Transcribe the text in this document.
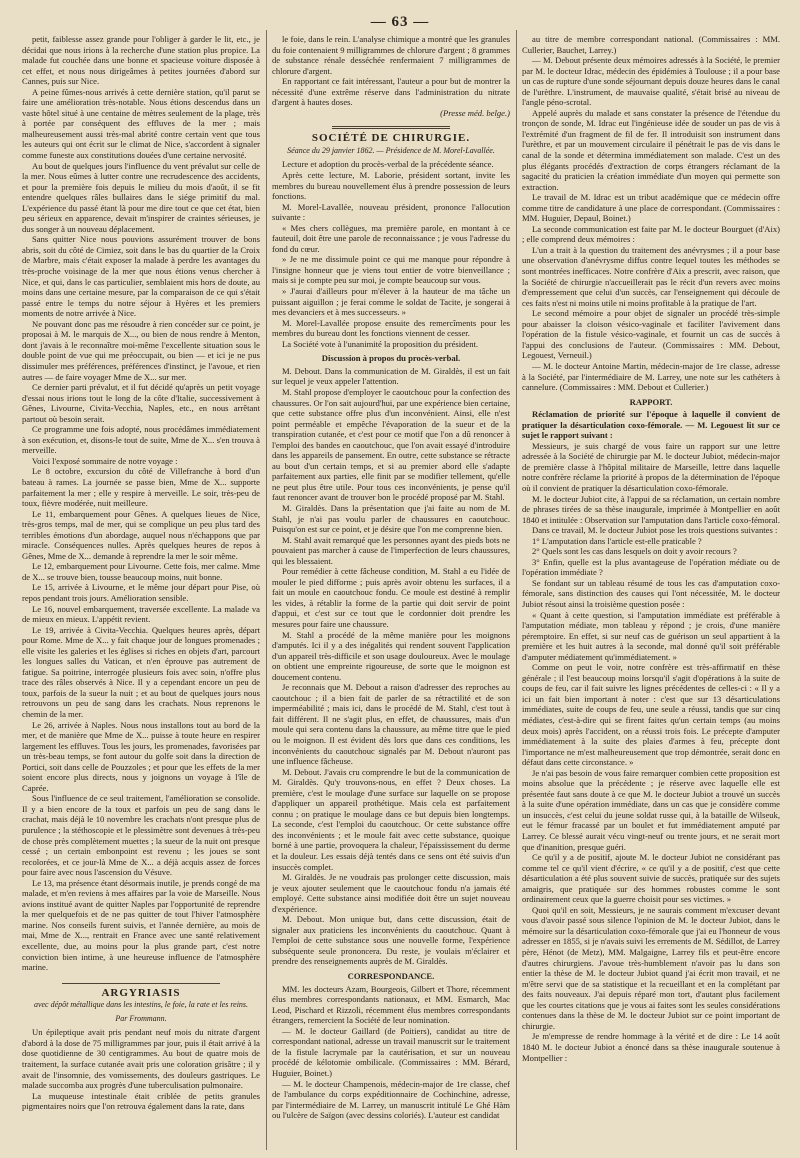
— 63 —

petit, faiblesse assez grande pour l'obliger à garder le lit, etc., je décidai que nous irions à la recherche d'une station plus propice. La malade fut couchée dans une bonne et spacieuse voiture disposée à cet effet, et nous nous dirigeâmes à petites journées d'abord sur Cannes, puis sur Nice.

A peine fûmes-nous arrivés à cette dernière station, qu'il parut se faire une amélioration très-notable. Nous étions descendus dans un vaste hôtel situé à une centaine de mètres seulement de la plage, très à portée par conséquent des effluves de la mer ; mais malheureusement aussi très-mal abrité contre certain vent que tous les auteurs qui ont écrit sur le climat de Nice, s'accordent à signaler comme funeste aux constitutions douées d'une certaine nervosité.

Au bout de quelques jours l'influence du vent prévalut sur celle de la mer. Nous eûmes à lutter contre une recrudescence des accidents, et pour la première fois depuis le milieu du mois d'août, il se fit entendre quelques râles bullaires dans le siége primitif du mal. L'expérience du passé étant là pour me dire tout ce que cet état, bien peu sérieux en apparence, devait m'inspirer de craintes sérieuses, je dus songer à un nouveau déplacement.

Sans quitter Nice nous pouvions assurément trouver de bons abris, soit du côté de Cimiez, soit dans le bas du quartier de la Croix de Marbre, mais c'était exposer la malade à perdre les avantages du très-proche voisinage de la mer que nous étions venus chercher à Nice, et qui, dans le cas particulier, semblaient mis hors de doute, au moins dans une certaine mesure, par la comparaison de ce qui s'était passé entre le temps du notre séjour à Hyères et les premiers moments de notre arrivée à Nice.

Ne pouvant donc pas me résoudre à rien concéder sur ce point, je proposai à M. le marquis de X..., ou bien de nous rendre à Menton, dont j'avais à le reconnaître moi-même l'excellente situation sous le double point de vue qui me préoccupait, ou bien — et ici je ne pus dissimuler mes préférences, préférences d'instinct, je l'avoue, et rien autres — de faire voyager Mme de X... sur mer.

Ce dernier parti prévalut, et il fut décidé qu'après un petit voyage d'essai nous irions tout le long de la côte d'Italie, successivement à Gênes, Livourne, Civita-Vecchia, Naples, etc., en nous arrêtant partout où besoin serait.

Ce programme une fois adopté, nous procédâmes immédiatement à son exécution, et, disons-le tout de suite, Mme de X... s'en trouva à merveille.

Voici l'exposé sommaire de notre voyage :

Le 8 octobre, excursion du côté de Villefranche à bord d'un bateau à rames. La journée se passe bien, Mme de X... supporte parfaitement la mer ; elle y respire à merveille. Le soir, très-peu de toux, fièvre modérée, nuit meilleure.

Le 11, embarquement pour Gênes. A quelques lieues de Nice, très-gros temps, mal de mer, qui se complique un peu plus tard des terribles émotions d'un abordage, auquel nous n'échappons que par miracle. Conséquences nulles. Après quelques heures de repos à Gênes, Mme de X... demande à reprendre la mer le soir même.

Le 12, embarquement pour Livourne. Cette fois, mer calme. Mme de X... se trouve bien, tousse beaucoup moins, nuit bonne.

Le 15, arrivée à Livourne, et le même jour départ pour Pise, où repos pendant trois jours. Amélioration sensible.

Le 16, nouvel embarquement, traversée excellente. La malade va de mieux en mieux. L'appétit revient.

Le 19, arrivée à Civita-Vecchia. Quelques heures après, départ pour Rome. Mme de X... y fait chaque jour de longues promenades ; elle visite les galeries et les églises si riches en objets d'art, parcourt les longues salles du Vatican, et n'en éprouve pas autrement de fatigue. Sa poitrine, interrogée plusieurs fois avec soin, n'offre plus trace des râles observés à Nice. Il y a cependant encore un peu de toux, parfois de la sueur la nuit ; et au bout de quelques jours nous retrouvons un peu de sang dans les crachats. Nous reprenons le chemin de la mer.

Le 26, arrivée à Naples. Nous nous installons tout au bord de la mer, et de manière que Mme de X... puisse à toute heure en respirer largement les effluves. Tous les jours, les promenades, favorisées par un très-beau temps, se font autour du golfe soit dans la direction de Portici, soit dans celle de Pouzzoles ; et pour que les effets de la mer soient encore plus directs, nous y joignons un voyage à l'île de Caprée.

Sous l'influence de ce seul traitement, l'amélioration se consolide. Il y a bien encore de la toux et parfois un peu de sang dans le crachat, mais déjà le 10 novembre les crachats n'ont presque plus de purulence ; la stéthoscopie et le plessimètre sont devenues à très-peu de chose près complètement muettes ; la sueur de la nuit ont presque cessé ; un certain embonpoint est revenu ; les joues se sont recolorées, et ce jour-là Mme de X... a déjà acquis assez de forces pour faire avec nous l'ascension du Vésuve.

Le 13, ma présence étant désormais inutile, je prends congé de ma malade, et m'en reviens à mes affaires par la voie de Marseille. Nous avions institué avant de quitter Naples par l'opportunité de reprendre la mer quelquefois et de ne pas quitter de tout l'hiver l'atmosphère marine. Nos conseils furent suivis, et l'année dernière, au mois de mai, Mme de X..., rentrait en France avec une santé relativement excellente, due, au moins pour la plus grande part, c'est notre conviction bien intime, à une heureuse influence de l'atmosphère marine.

ARGYRIASIS

avec dépôt métallique dans les intestins, le foie, la rate et les reins.

Par Frommann.

Un épileptique avait pris pendant neuf mois du nitrate d'argent d'abord à la dose de 75 milligrammes par jour, puis il était arrivé à la dose quotidienne de 30 centigrammes. Au bout de quatre mois de traitement, la surface cutanée avait pris une coloration grisâtre ; il y avait de l'insomnie, des vomissements, des douleurs gastriques. Le malade succomba aux progrès d'une tuberculisation pulmonaire.

La muqueuse intestinale était criblée de petits granules pigmentaires noirs que l'on retrouva également dans la rate, dans

le foie, dans le rein. L'analyse chimique a montré que les granules du foie contenaient 9 milligrammes de chlorure d'argent ; 8 grammes de substance rénale desséchée renfermaient 7 milligrammes de chlorure d'argent.

En rapportant ce fait intéressant, l'auteur a pour but de montrer la nécessité d'une extrême réserve dans l'administration du nitrate d'argent à hautes doses.

(Presse méd. belge.)

SOCIÉTÉ DE CHIRURGIE.

Séance du 29 janvier 1862. — Présidence de M. Morel-Lavallée.

Lecture et adoption du procès-verbal de la précédente séance.

Après cette lecture, M. Laborie, président sortant, invite les membres du bureau nouvellement élus à prendre possession de leurs fonctions.

M. Morel-Lavallée, nouveau président, prononce l'allocution suivante :

« Mes chers collègues, ma première parole, en montant à ce fauteuil, doit être une parole de reconnaissance ; je vous l'adresse du fond du cœur.

» Je ne me dissimule point ce qui me manque pour répondre à l'insigne honneur que je viens tout entier de votre bienveillance ; mais si je compte peu sur moi, je compte beaucoup sur vous.

» J'aurai d'ailleurs pour m'élever à la hauteur de ma tâche un puissant aiguillon ; je ferai comme le soldat de Tacite, je songerai à mes devanciers et à mes successeurs. »

M. Morel-Lavallée propose ensuite des remercîments pour les membres du bureau dont les fonctions viennent de cesser.

La Société vote à l'unanimité la proposition du président.

Discussion à propos du procès-verbal.

M. Debout. Dans la communication de M. Giraldès, il est un fait sur lequel je veux appeler l'attention.

M. Stahl propose d'employer le caoutchouc pour la confection des chaussures. Or l'on sait aujourd'hui, par une expérience bien certaine, que cette substance offre plus d'un inconvénient. Ainsi, elle n'est point perméable et empêche l'évaporation de la sueur et de la transpiration cutanée, et c'est pour ce motif que l'on a dû renoncer à l'emploi des bandes en caoutchouc, que l'on avait essayé d'introduire dans les appareils de pansement. En outre, cette substance se rétracte au bout d'un certain temps, et si au premier abord elle s'adapte parfaitement aux parties, elle finit par se modifier tellement, qu'elle ne peut plus être utile. Pour tous ces inconvénients, je pense qu'il faut renoncer avant de trouver bon le procédé proposé par M. Stahl.

M. Giraldès. Dans la présentation que j'ai faite au nom de M. Stahl, je n'ai pas voulu parler de chaussures en caoutchouc. Puisqu'on est sur ce point, et je désire que l'on me comprenne bien.

M. Stahl avait remarqué que les personnes ayant des pieds bots ne pouvaient pas marcher à cause de l'imperfection de leurs chaussures, qui les blessaient.

Pour remédier à cette fâcheuse condition, M. Stahl a eu l'idée de mouler le pied difforme ; puis après avoir obtenu les surfaces, il a fait un moule en caoutchouc fondu. Ce moule est destiné à remplir les vides, à rétablir la forme de la partie qui doit servir de point d'appui, et c'est sur ce tout que le cordonnier doit prendre les mesures pour faire une chaussure.

M. Stahl a procédé de la même manière pour les moignons d'amputés. Ici il y a des inégalités qui rendent souvent l'application d'un appareil très-difficile et son usage douloureux. Avec le moulage on obtient une empreinte rigoureuse, de sorte que le moignon est doucement contenu.

Je reconnais que M. Debout a raison d'adresser des reproches au caoutchouc ; il a bien fait de parler de sa rétractilité et de son imperméabilité ; mais ici, dans le procédé de M. Stahl, c'est tout à fait différent. Il ne s'agit plus, en effet, de chaussures, mais d'un moule qui sera contenu dans la chaussure, au même titre que le pied ou le moignon. Il est évident dès lors que dans ces conditions, les inconvénients du caoutchouc signalés par M. Debout n'auront pas une influence fâcheuse.

M. Debout. J'avais cru comprendre le but de la communication de M. Giraldès. Qu'y trouvons-nous, en effet ? Deux choses. La première, c'est le moulage d'une surface sur laquelle on se propose d'appliquer un appareil prothétique. Mais cela est parfaitement connu ; on pratique le moulage dans ce but depuis bien longtemps. La seconde, c'est l'emploi du caoutchouc. Or cette substance offre des inconvénients ; et le moule fait avec cette substance, quoique borné à une partie, provoquera la chaleur, l'épaississement du derme et la douleur. Les essais déjà tentés dans ce sens ont été suivis d'un insuccès complet.

M. Giraldès. Je ne voudrais pas prolonger cette discussion, mais je veux ajouter seulement que le caoutchouc fondu n'a jamais été employé. Cette substance ainsi modifiée doit être un sujet nouveau d'expérience.

M. Debout. Mon unique but, dans cette discussion, était de signaler aux praticiens les inconvénients du caoutchouc. Quant à l'emploi de cette substance sous une nouvelle forme, l'expérience subséquente seule prononcera. Du reste, je voulais m'éclairer et prendre des renseignements auprès de M. Giraldès.

CORRESPONDANCE.

MM. les docteurs Azam, Bourgeois, Gilbert et Thore, récemment élus membres correspondants nationaux, et MM. Esmarch, Mac Leod, Pischard et Rizzoli, récemment élus membres correspondants étrangers, remercient la Société de leur nomination.

— M. le docteur Gaillard (de Poitiers), candidat au titre de correspondant national, adresse un travail manuscrit sur le traitement de la fistule lacrymale par la cautérisation, et sur un nouveau procédé de kélotomie ombilicale. (Commissaires : MM. Bérard, Huguier, Boinet.)

— M. le docteur Champenois, médecin-major de 1re classe, chef de l'ambulance du corps expéditionnaire de Cochinchine, adresse, par l'intermédiaire de M. Larrey, un manuscrit intitulé Le Ghé Hàm ou l'ulcère de Saïgon (avec dessins coloriés). L'auteur est candidat

au titre de membre correspondant national. (Commissaires : MM. Cullerier, Bauchet, Larrey.)

— M. Debout présente deux mémoires adressés à la Société, le premier par M. le docteur Idrac, médecin des épidémies à Toulouse ; il a pour base un cas de rupture d'une sonde séjournant depuis douze heures dans le canal de l'urèthre. L'instrument, de mauvaise qualité, s'était brisé au niveau de l'angle péno-scrotal.

Appelé auprès du malade et sans constater la présence de l'étendue du tronçon de sonde, M. Idrac eut l'ingénieuse idée de souder un pas de vis à l'extrémité d'un fragment de fil de fer. Il introduisit son instrument dans l'urèthre, et par un mouvement circulaire il pénétrait le pas de vis dans le canal de la sonde et détermina immédiatement son malade. C'est un des plus élégants procédés d'extraction de corps étrangers réclamant de la sagacité du praticien la création immédiate d'un moyen qui permette son extraction.

Le travail de M. Idrac est un tribut académique que ce médecin offre comme titre de candidature à une place de correspondant. (Commissaires : MM. Huguier, Depaul, Boinet.)

La seconde communication est faite par M. le docteur Bourguet (d'Aix) ; elle comprend deux mémoires :

L'un a trait à la question du traitement des anévrysmes ; il a pour base une observation d'anévrysme diffus contre lequel toutes les méthodes se sont montrées inefficaces. Notre confrère d'Aix a prescrit, avec raison, que la Société de chirurgie n'accueillerait pas le récit d'un revers avec moins d'empressement que celui d'un succès, car l'enseignement qui découle de ces faits n'est ni moins utile ni moins profitable à la pratique de l'art.

Le second mémoire a pour objet de signaler un procédé très-simple pour abaisser la cloison vésico-vaginale et faciliter l'avivement dans l'opération de la fistule vésico-vaginale, et fournit un cas de succès à l'appui des conclusions de l'auteur. (Commissaires : MM. Debout, Legouest, Verneuil.)

— M. le docteur Antoine Martin, médecin-major de 1re classe, adresse à la Société, par l'intermédiaire de M. Larrey, une note sur les cathéters à cannelure. (Commissaires : MM. Debout et Cullerier.)

RAPPORT.

Réclamation de priorité sur l'époque à laquelle il convient de pratiquer la désarticulation coxo-fémorale. — M. Legouest lit sur ce sujet le rapport suivant :

Messieurs, je suis chargé de vous faire un rapport sur une lettre adressée à la Société de chirurgie par M. le docteur Jubiot, médecin-major de première classe à l'hôpital militaire de Marseille, lettre dans laquelle notre confrère réclame la priorité à propos de la détermination de l'époque où il convient de pratiquer la désarticulation coxo-fémorale.

M. le docteur Jubiot cite, à l'appui de sa réclamation, un certain nombre de phrases tirées de sa thèse inaugurale, imprimée à Montpellier en août 1840 et intitulée : Observation sur l'amputation dans l'article coxo-fémoral.

Dans ce travail, M. le docteur Jubiot pose les trois questions suivantes :

1° L'amputation dans l'article est-elle praticable ?

2° Quels sont les cas dans lesquels on doit y avoir recours ?

3° Enfin, quelle est la plus avantageuse de l'opération médiate ou de l'opération immédiate ?

Se fondant sur un tableau résumé de tous les cas d'amputation coxo-fémorale, sans distinction des causes qui l'ont nécessitée, M. le docteur Jubiot résout ainsi la troisième question posée :

« Quant à cette question, si l'amputation immédiate est préférable à l'amputation médiate, mon tableau y répond ; je crois, d'une manière péremptoire. En effet, si sur neuf cas de guérison un seul appartient à la première et les huit autres à la seconde, mal donné qu'il soit préférable d'amputer médiatement qu'immédiatement. »

Comme on peut le voir, notre confrère est très-affirmatif en thèse générale ; il l'est beaucoup moins lorsqu'il s'agit d'opérations à la suite de coups de feu, car il fait suivre les lignes précédentes de celles-ci : « Il y a ici un fait bien important à noter : c'est que sur 13 désarticulations immédiates, suite de coups de feu, une seule a réussi, tandis que sur cinq médiates, c'est-à-dire qui se firent faites qu'un certain temps (au moins deux mois) après l'accident, on a réussi trois fois. Le précepte d'amputer immédiatement à la suite des plaies d'armes à feu, précepte dont l'importance ne m'est malheureusement que trop démontrée, serait donc en défaut dans cette circonstance. »

Je n'ai pas besoin de vous faire remarquer combien cette proposition est moins absolue que la précédente ; je réserve avec laquelle elle est présentée faut sans doute à ce que M. le docteur Jubiot a trouvé un succès à la suite d'une opération immédiate, dans un cas que je considère comme un insuccès, c'est celui du jeune soldat russe qui, à la bataille de Wilseuk, eut le fémur fracassé par un boulet et fut immédiatement amputé par Larrey. Ce blessé aurait vécu vingt-neuf ou trente jours, et ne serait mort que d'inanition, presque guéri.

Ce qu'il y a de positif, ajoute M. le docteur Jubiot ne considérant pas comme tel ce qu'il vient d'écrire, « ce qu'il y a de positif, c'est que cette désarticulation a été plus souvent suivie de succès, pratiquée sur des sujets amaigris, que pratiquée sur des hommes robustes comme le sont ordinairement ceux que la guerre choisit pour ses victimes. »

Quoi qu'il en soit, Messieurs, je ne saurais comment m'excuser devant vous d'avoir passé sous silence l'opinion de M. le docteur Jubiot, dans le mémoire sur la désarticulation coxo-fémorale que j'ai eu l'honneur de vous adresser en 1855, si je n'avais suivi les errements de M. Sédillot, de Larrey père, Hénot (de Metz), MM. Malgaigne, Larrey fils et peut-être encore d'autres chirurgiens. J'avoue très-humblement n'avoir pas lu dans son entier la thèse de M. le docteur Jubiot quand j'ai écrit mon travail, et ne m'être servi que de sa statistique et la recueillant et en la complétant par des faits nouveaux. J'ai depuis réparé mon tort, d'autant plus facilement que les courtes citations que je vous ai faites sont les seules considérations contenues dans la thèse de M. le docteur Jubiot sur ce point important de chirurgie.

Je m'empresse de rendre hommage à la vérité et de dire : Le 14 août 1840 M. le docteur Jubiot a énoncé dans sa thèse inaugurale soutenue à Montpellier :
